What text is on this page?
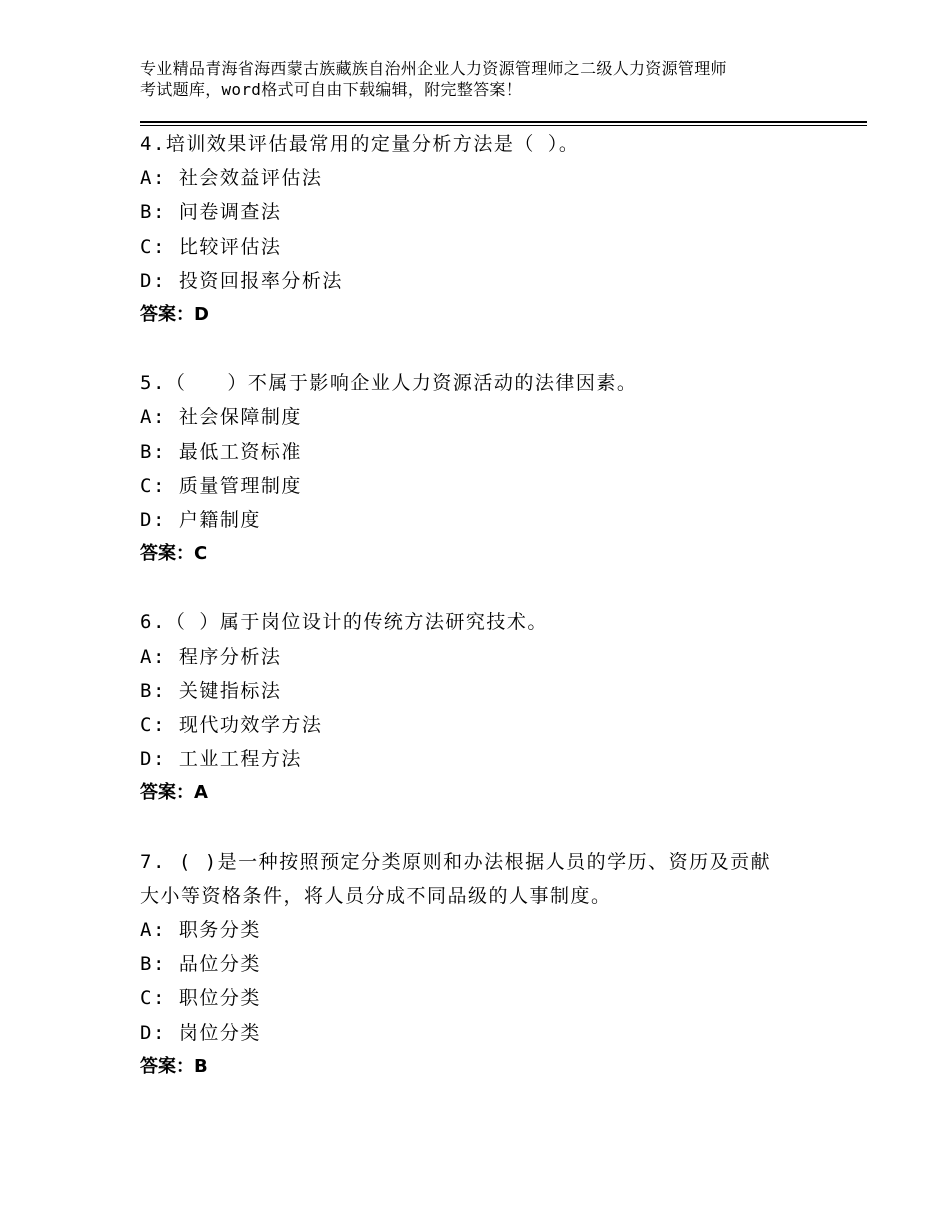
专业精品青海省海西蒙古族藏族自治州企业人力资源管理师之二级人力资源管理师
考试题库，word格式可自由下载编辑，附完整答案！
4.培训效果评估最常用的定量分析方法是（ ）。
A: 社会效益评估法
B: 问卷调查法
C: 比较评估法
D: 投资回报率分析法
答案：D
5.（　　）不属于影响企业人力资源活动的法律因素。
A: 社会保障制度
B: 最低工资标准
C: 质量管理制度
D: 户籍制度
答案：C
6.（ ）属于岗位设计的传统方法研究技术。
A: 程序分析法
B: 关键指标法
C: 现代功效学方法
D: 工业工程方法
答案：A
7. ( )是一种按照预定分类原则和办法根据人员的学历、资历及贡献
大小等资格条件，将人员分成不同品级的人事制度。
A: 职务分类
B: 品位分类
C: 职位分类
D: 岗位分类
答案：B
